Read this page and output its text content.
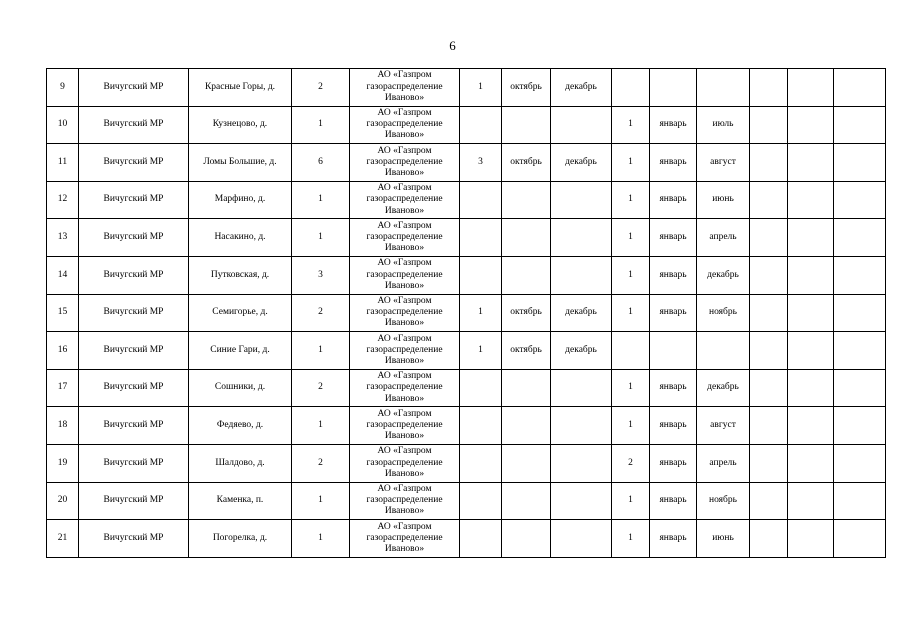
6
9	Вичугский МР	Красные Горы, д.	2	АО «Газпром газораспределение Иваново»	1	октябрь	декабрь						
10	Вичугский МР	Кузнецово, д.	1	АО «Газпром газораспределение Иваново»				1	январь	июль			
11	Вичугский МР	Ломы Большие, д.	6	АО «Газпром газораспределение Иваново»	3	октябрь	декабрь	1	январь	август			
12	Вичугский МР	Марфино, д.	1	АО «Газпром газораспределение Иваново»				1	январь	июнь			
13	Вичугский МР	Насакино, д.	1	АО «Газпром газораспределение Иваново»				1	январь	апрель			
14	Вичугский МР	Путковская, д.	3	АО «Газпром газораспределение Иваново»				1	январь	декабрь			
15	Вичугский МР	Семигорье, д.	2	АО «Газпром газораспределение Иваново»	1	октябрь	декабрь	1	январь	ноябрь			
16	Вичугский МР	Синие Гари, д.	1	АО «Газпром газораспределение Иваново»	1	октябрь	декабрь						
17	Вичугский МР	Сошники, д.	2	АО «Газпром газораспределение Иваново»				1	январь	декабрь			
18	Вичугский МР	Федяево, д.	1	АО «Газпром газораспределение Иваново»				1	январь	август			
19	Вичугский МР	Шалдово, д.	2	АО «Газпром газораспределение Иваново»				2	январь	апрель			
20	Вичугский МР	Каменка, п.	1	АО «Газпром газораспределение Иваново»				1	январь	ноябрь			
21	Вичугский МР	Погорелка, д.	1	АО «Газпром газораспределение Иваново»				1	январь	июнь			
